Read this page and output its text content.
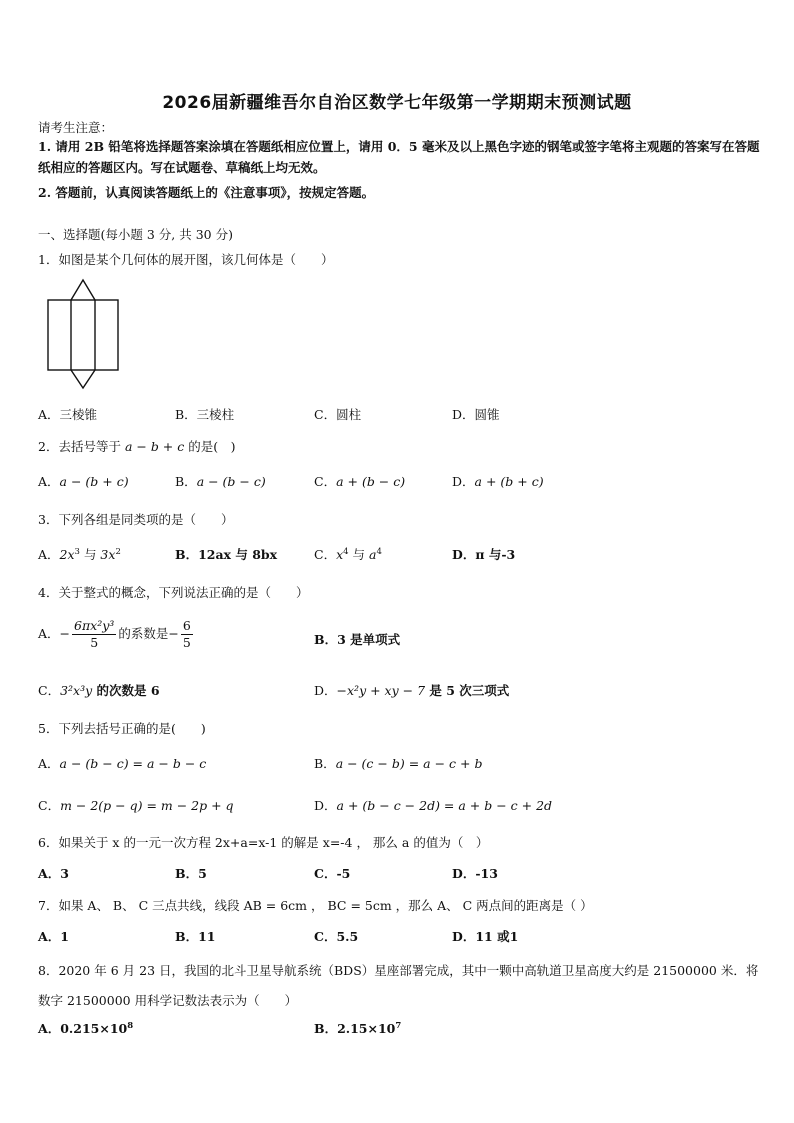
2026届新疆维吾尔自治区数学七年级第一学期期末预测试题
请考生注意：
1. 请用 2B 铅笔将选择题答案涂填在答题纸相应位置上，请用 0．5 毫米及以上黑色字迹的钢笔或签字笔将主观题的答案写在答题纸相应的答题区内。写在试题卷、草稿纸上均无效。
2. 答题前，认真阅读答题纸上的《注意事项》，按规定答题。
一、选择题(每小题 3 分, 共 30 分)
1．如图是某个几何体的展开图，该几何体是（　　）
A．三棱锥	B．三棱柱	C．圆柱	D．圆锥
2．去括号等于 a − b + c 的是(　)
A．a − (b + c)	B．a − (b − c)	C．a + (b − c)	D．a + (b + c)
3．下列各组是同类项的是（　　）
A．$2x^3$ 与 $3x^2$	B．12ax 与 8bx	C．$x^4$ 与 $a^4$	D．π 与-3
4．关于整式的概念，下列说法正确的是（　　）
A．− $\frac{\text{6πx²y³}}{5}$ 的系数是− $\frac{6}{5}$	B．3 是单项式
C．3²x³y 的次数是 6	D．−x²y + xy − 7 是 5 次三项式
5．下列去括号正确的是(　　)
A．a − (b − c) = a − b − c	B．a − (c − b) = a − c + b
C．m − 2(p − q) = m − 2p + q	D．a + (b − c − 2d) = a + b − c + 2d
6．如果关于 x 的一元一次方程 2x+a=x-1 的解是 x=-4 ， 那么 a 的值为（　）
A．3	B．5	C．-5	D．-13
7．如果 A、 B、 C 三点共线，线段 AB = 6cm ， BC = 5cm ，那么 A、 C 两点间的距离是（ ）
A．1	B．11	C．5.5	D．11 或1
8．2020 年 6 月 23 日，我国的北斗卫星导航系统（BDS）星座部署完成，其中一颗中高轨道卫星高度大约是 21500000 米．将数字 21500000 用科学记数法表示为（　　）
A．$0.215\times 10^8$	B．$2.15\times 10^7$
